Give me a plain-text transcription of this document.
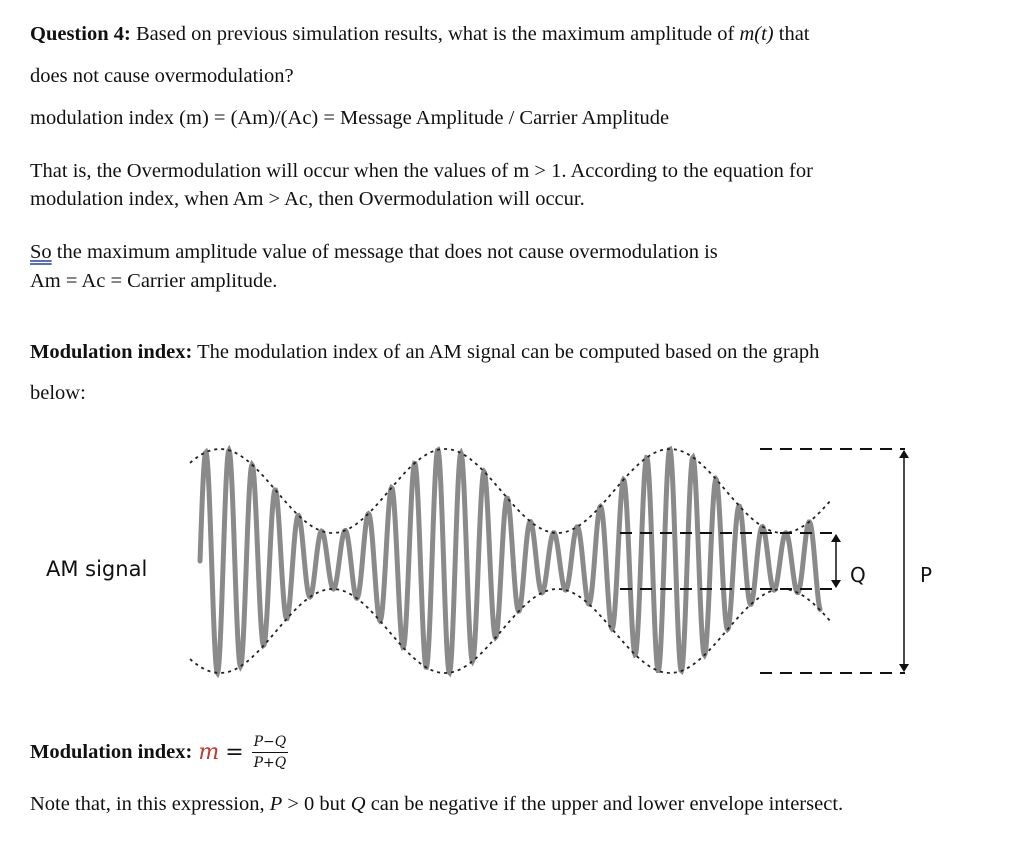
Question 4: Based on previous simulation results, what is the maximum amplitude of m(t) that
does not cause overmodulation?
modulation index (m) = (Am)/(Ac) = Message Amplitude / Carrier Amplitude
That is, the Overmodulation will occur when the values of m > 1. According to the equation for
modulation index, when Am > Ac, then Overmodulation will occur.
So the maximum amplitude value of message that does not cause overmodulation is
Am = Ac = Carrier amplitude.
Modulation index: The modulation index of an AM signal can be computed based on the graph
below:
AM signal	Q	P
Modulation index: $m = \frac{P-Q}{P+Q}$
Note that, in this expression, P > 0 but Q can be negative if the upper and lower envelope intersect.
